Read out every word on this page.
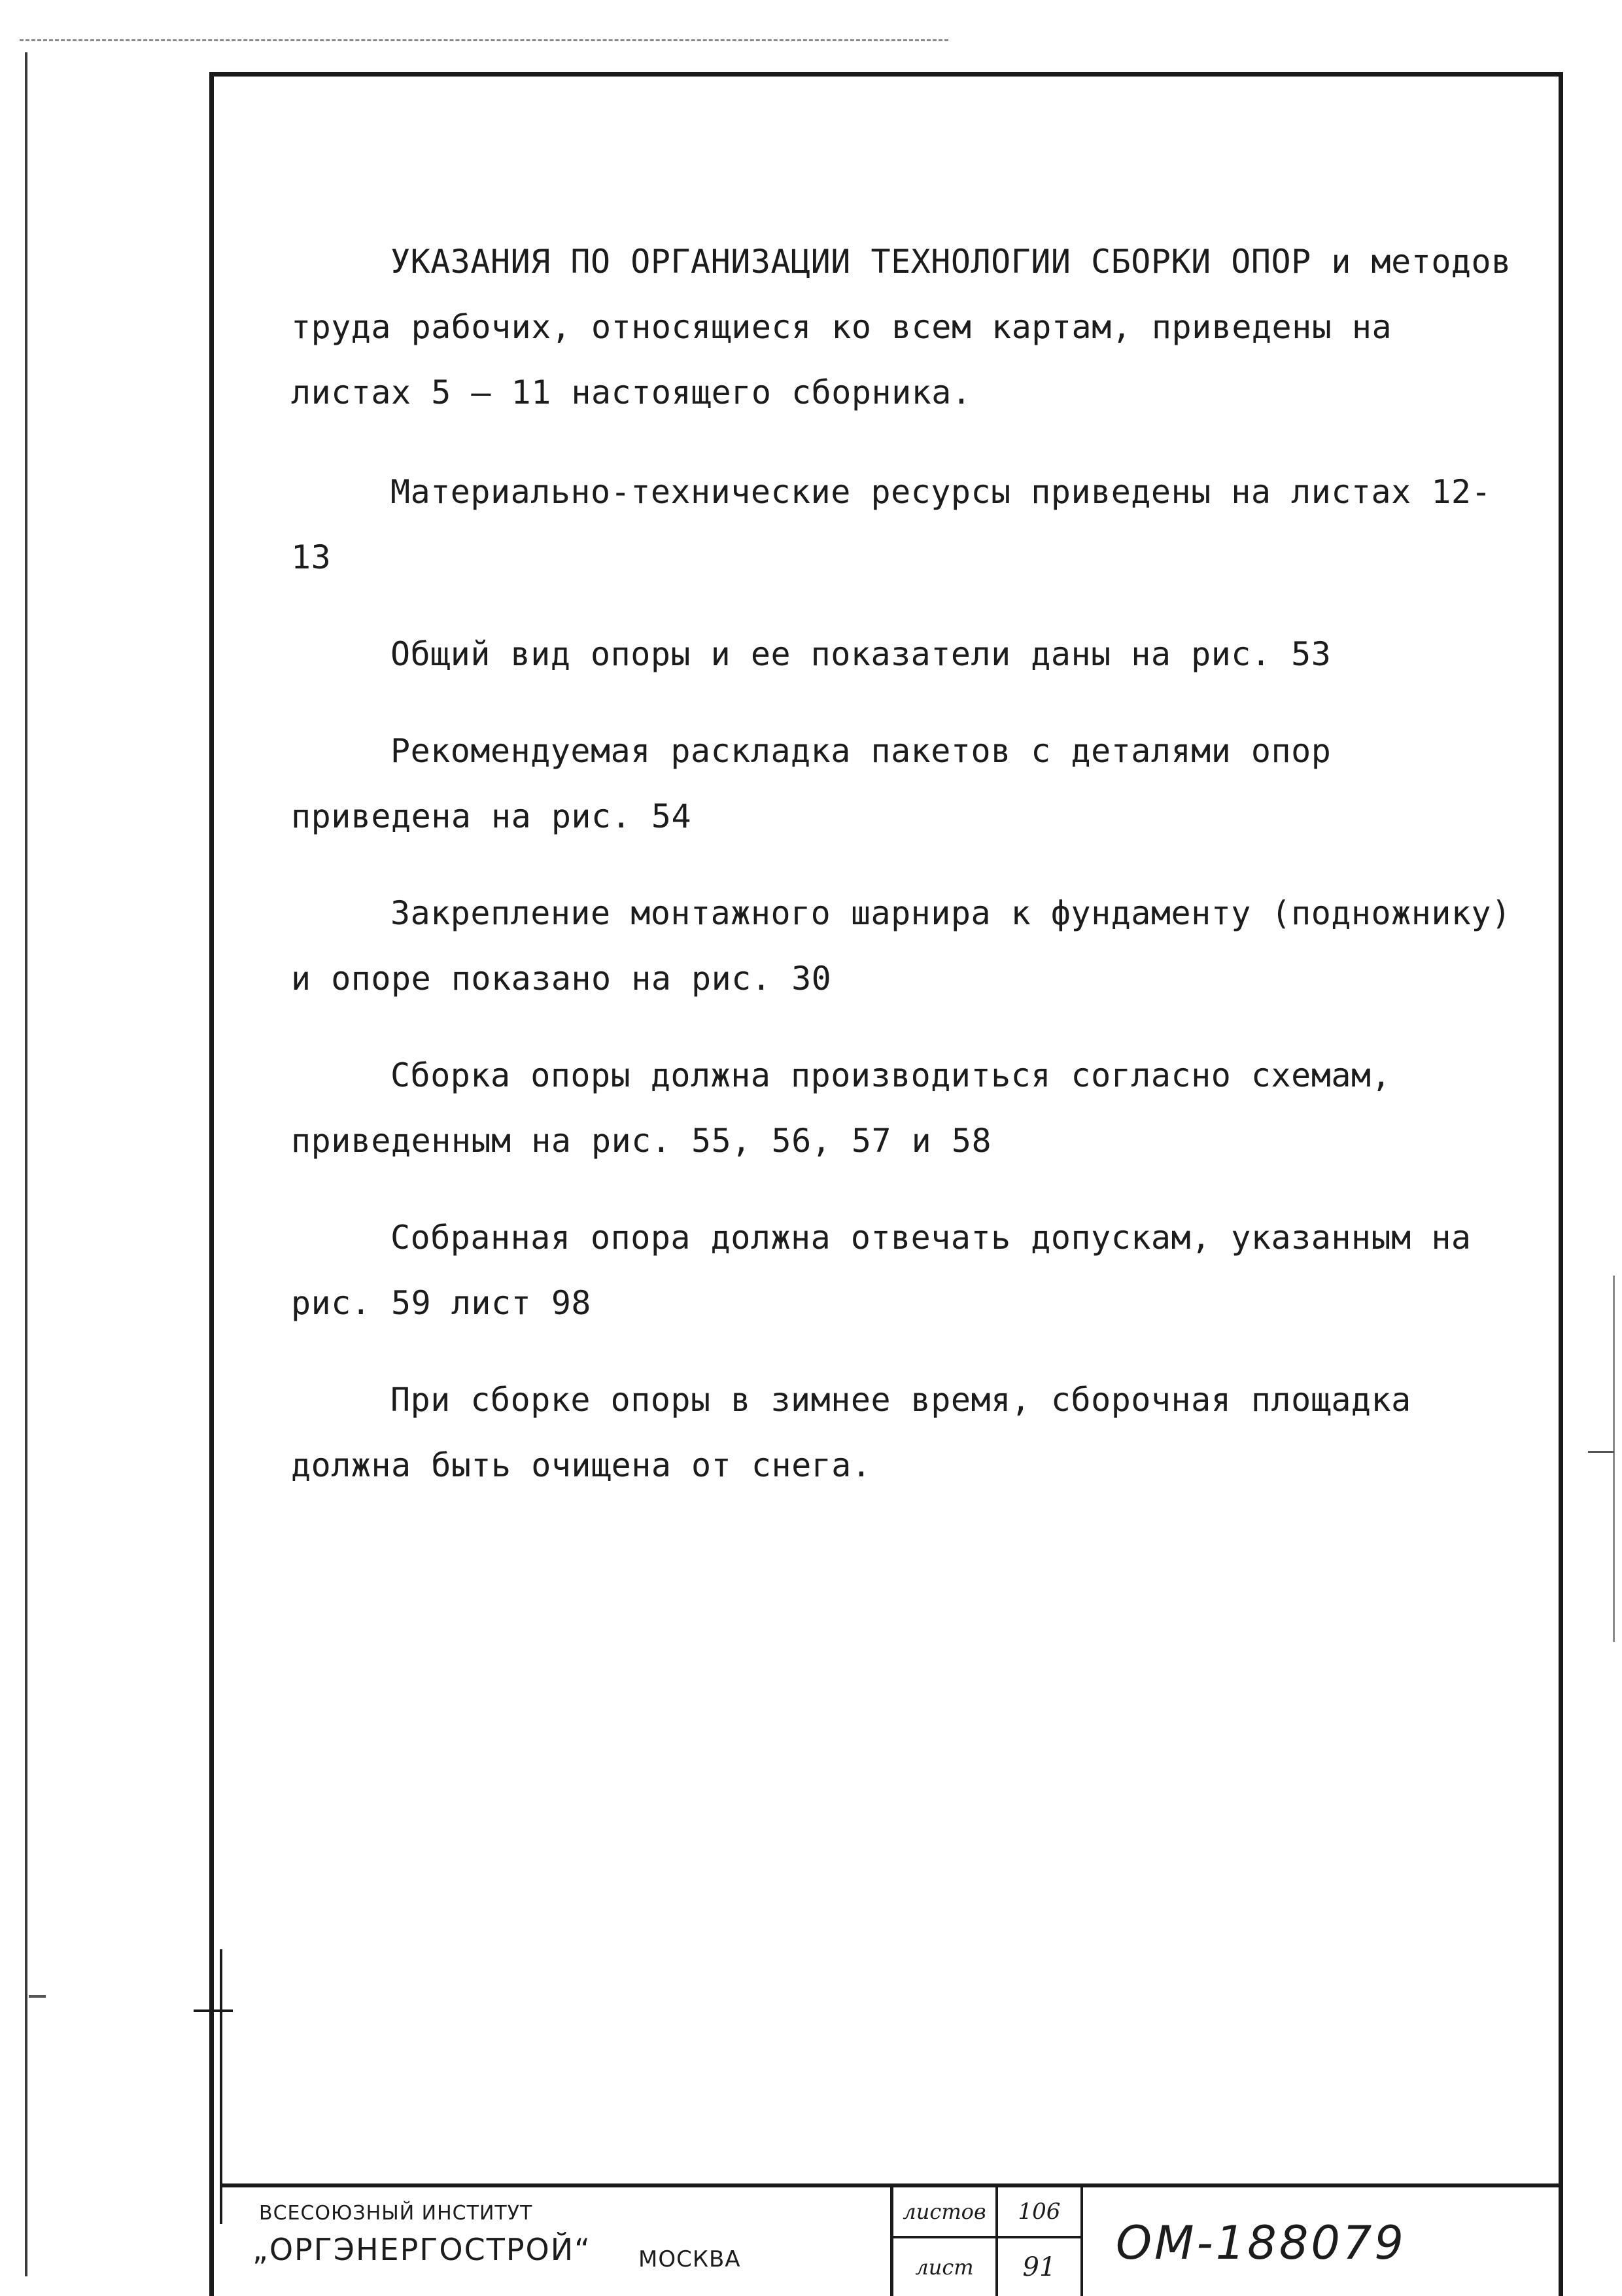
УКАЗАНИЯ ПО ОРГАНИЗАЦИИ ТЕХНОЛОГИИ СБОРКИ ОПОР и методов труда рабочих, относящиеся ко всем картам, приведены на листах 5 – 11 настоящего сборника.

Материально-технические ресурсы приведены на листах 12-13

Общий вид опоры и ее показатели даны на рис. 53

Рекомендуемая раскладка пакетов с деталями опор приведена на рис. 54

Закрепление монтажного шарнира к фундаменту (подножнику) и опоре показано на рис. 30

Сборка опоры должна производиться согласно схемам, приведенным на рис. 55, 56, 57 и 58

Собранная опора должна отвечать допускам, указанным на рис. 59 лист 98

При сборке опоры в зимнее время, сборочная площадка должна быть очищена от снега.

ВСЕСОЮЗНЫЙ ИНСТИТУТ
„ОРГЭНЕРГОСТРОЙ“ МОСКВА
листов	106
лист	91	ОМ-188079
